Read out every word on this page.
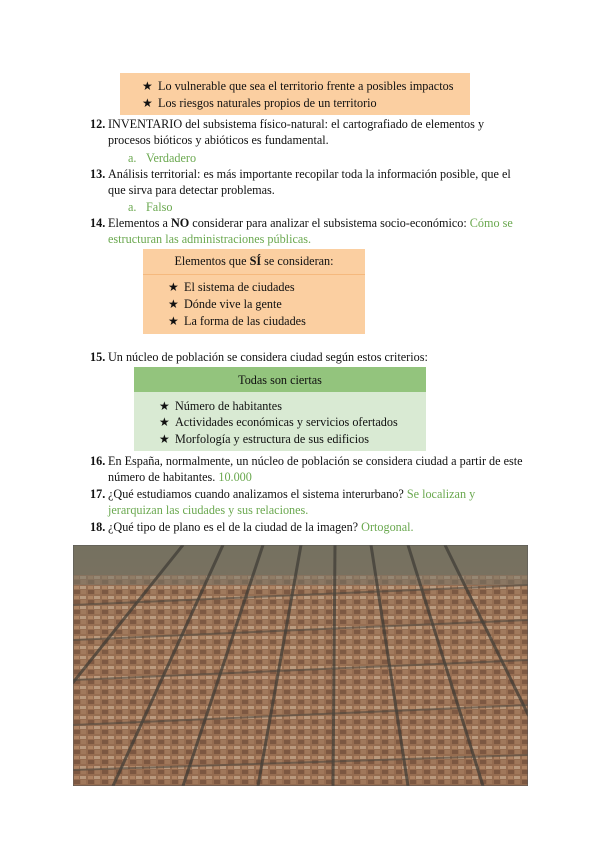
★ Lo vulnerable que sea el territorio frente a posibles impactos
★ Los riesgos naturales propios de un territorio
12. INVENTARIO del subsistema físico-natural: el cartografiado de elementos y
procesos bióticos y abióticos es fundamental.
a. Verdadero
13. Análisis territorial: es más importante recopilar toda la información posible, que el
que sirva para detectar problemas.
a. Falso
14. Elementos a NO considerar para analizar el subsistema socio-económico: Cómo se
estructuran las administraciones públicas.
Elementos que SÍ se consideran:
★ El sistema de ciudades
★ Dónde vive la gente
★ La forma de las ciudades
15. Un núcleo de población se considera ciudad según estos criterios:
Todas son ciertas
★ Número de habitantes
★ Actividades económicas y servicios ofertados
★ Morfología y estructura de sus edificios
16. En España, normalmente, un núcleo de población se considera ciudad a partir de este
número de habitantes. 10.000
17. ¿Qué estudiamos cuando analizamos el sistema interurbano? Se localizan y
jerarquizan las ciudades y sus relaciones.
18. ¿Qué tipo de plano es el de la ciudad de la imagen? Ortogonal.
